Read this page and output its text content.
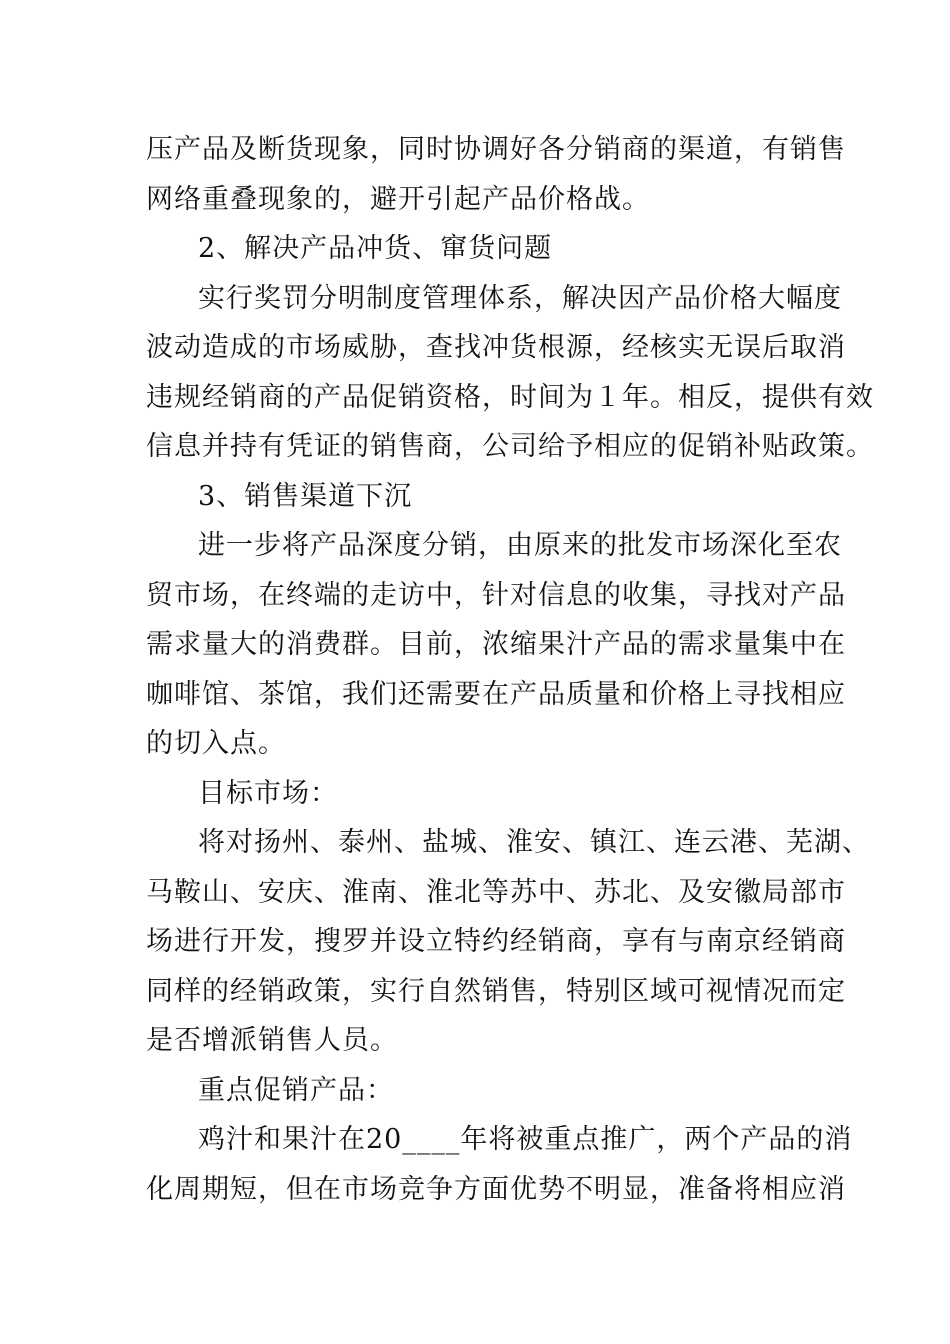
压产品及断货现象，同时协调好各分销商的渠道，有销售
网络重叠现象的，避开引起产品价格战。
2、解决产品冲货、窜货问题
实行奖罚分明制度管理体系，解决因产品价格大幅度
波动造成的市场威胁，查找冲货根源，经核实无误后取消
违规经销商的产品促销资格，时间为１年。相反，提供有效
信息并持有凭证的销售商，公司给予相应的促销补贴政策。
3、销售渠道下沉
进一步将产品深度分销，由原来的批发市场深化至农
贸市场，在终端的走访中，针对信息的收集，寻找对产品
需求量大的消费群。目前，浓缩果汁产品的需求量集中在
咖啡馆、茶馆，我们还需要在产品质量和价格上寻找相应
的切入点。
目标市场：
将对扬州、泰州、盐城、淮安、镇江、连云港、芜湖、
马鞍山、安庆、淮南、淮北等苏中、苏北、及安徽局部市
场进行开发，搜罗并设立特约经销商，享有与南京经销商
同样的经销政策，实行自然销售，特别区域可视情况而定
是否增派销售人员。
重点促销产品：
鸡汁和果汁在20____年将被重点推广，两个产品的消
化周期短，但在市场竞争方面优势不明显，准备将相应消
